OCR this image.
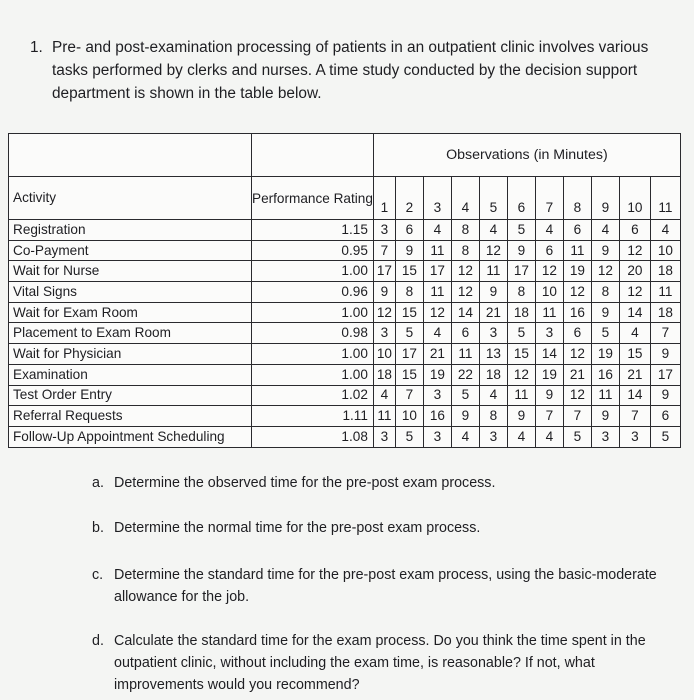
1. Pre- and post-examination processing of patients in an outpatient clinic involves various tasks performed by clerks and nurses. A time study conducted by the decision support department is shown in the table below.
		Observations (in Minutes)										
Activity	Performance Rating	1	2	3	4	5	6	7	8	9	10	11
Registration	1.15	3	6	4	8	4	5	4	6	4	6	4
Co-Payment	0.95	7	9	11	8	12	9	6	11	9	12	10
Wait for Nurse	1.00	17	15	17	12	11	17	12	19	12	20	18
Vital Signs	0.96	9	8	11	12	9	8	10	12	8	12	11
Wait for Exam Room	1.00	12	15	12	14	21	18	11	16	9	14	18
Placement to Exam Room	0.98	3	5	4	6	3	5	3	6	5	4	7
Wait for Physician	1.00	10	17	21	11	13	15	14	12	19	15	9
Examination	1.00	18	15	19	22	18	12	19	21	16	21	17
Test Order Entry	1.02	4	7	3	5	4	11	9	12	11	14	9
Referral Requests	1.11	11	10	16	9	8	9	7	7	9	7	6
Follow-Up Appointment Scheduling	1.08	3	5	3	4	3	4	4	5	3	3	5
a. Determine the observed time for the pre-post exam process.
b. Determine the normal time for the pre-post exam process.
c. Determine the standard time for the pre-post exam process, using the basic-moderate allowance for the job.
d. Calculate the standard time for the exam process. Do you think the time spent in the outpatient clinic, without including the exam time, is reasonable? If not, what improvements would you recommend?
